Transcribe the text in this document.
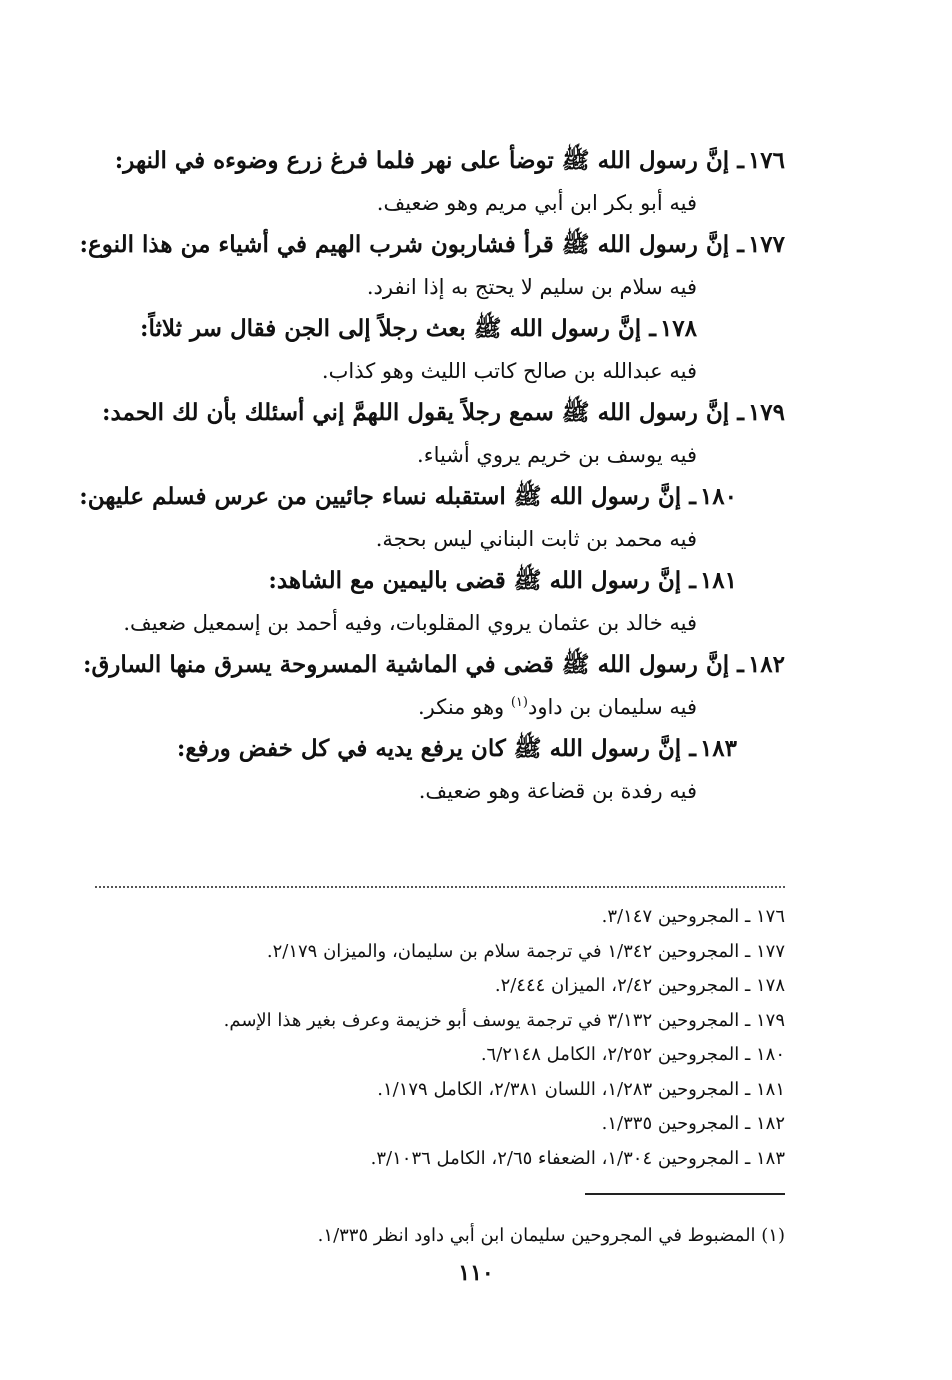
١٧٦ـ إنَّ رسول الله ﷺ توضأ على نهر فلما فرغ زرع وضوءه في النهر:

فيه أبو بكر ابن أبي مريم وهو ضعيف.

١٧٧ـ إنَّ رسول الله ﷺ قرأ فشاربون شرب الهيم في أشياء من هذا النوع:

فيه سلام بن سليم لا يحتج به إذا انفرد.

١٧٨ـ إنَّ رسول الله ﷺ بعث رجلاً إلى الجن فقال سر ثلاثاً:

فيه عبدالله بن صالح كاتب الليث وهو كذاب.

١٧٩ـ إنَّ رسول الله ﷺ سمع رجلاً يقول اللهمَّ إني أسئلك بأن لك الحمد:

فيه يوسف بن خريم يروي أشياء.

١٨٠ـ إنَّ رسول الله ﷺ استقبله نساء جائيين من عرس فسلم عليهن:

فيه محمد بن ثابت البناني ليس بحجة.

١٨١ـ إنَّ رسول الله ﷺ قضى باليمين مع الشاهد:

فيه خالد بن عثمان يروي المقلوبات، وفيه أحمد بن إسمعيل ضعيف.

١٨٢ـ إنَّ رسول الله ﷺ قضى في الماشية المسروحة يسرق منها السارق:

فيه سليمان بن داود$^{(١)}$ وهو منكر.

١٨٣ـ إنَّ رسول الله ﷺ كان يرفع يديه في كل خفض ورفع:

فيه رفدة بن قضاعة وهو ضعيف.

١٧٦ ـ المجروحين ٣/١٤٧.

١٧٧ ـ المجروحين ١/٣٤٢ في ترجمة سلام بن سليمان، والميزان ٢/١٧٩.

١٧٨ ـ المجروحين ٢/٤٢، الميزان ٢/٤٤٤.

١٧٩ ـ المجروحين ٣/١٣٢ في ترجمة يوسف أبو خزيمة وعرف بغير هذا الإسم.

١٨٠ ـ المجروحين ٢/٢٥٢، الكامل ٦/٢١٤٨.

١٨١ ـ المجروحين ١/٢٨٣، اللسان ٢/٣٨١، الكامل ١/١٧٩.

١٨٢ ـ المجروحين ١/٣٣٥.

١٨٣ ـ المجروحين ١/٣٠٤، الضعفاء ٢/٦٥، الكامل ٣/١٠٣٦.

(١) المضبوط في المجروحين سليمان ابن أبي داود انظر ١/٣٣٥.

١١٠
